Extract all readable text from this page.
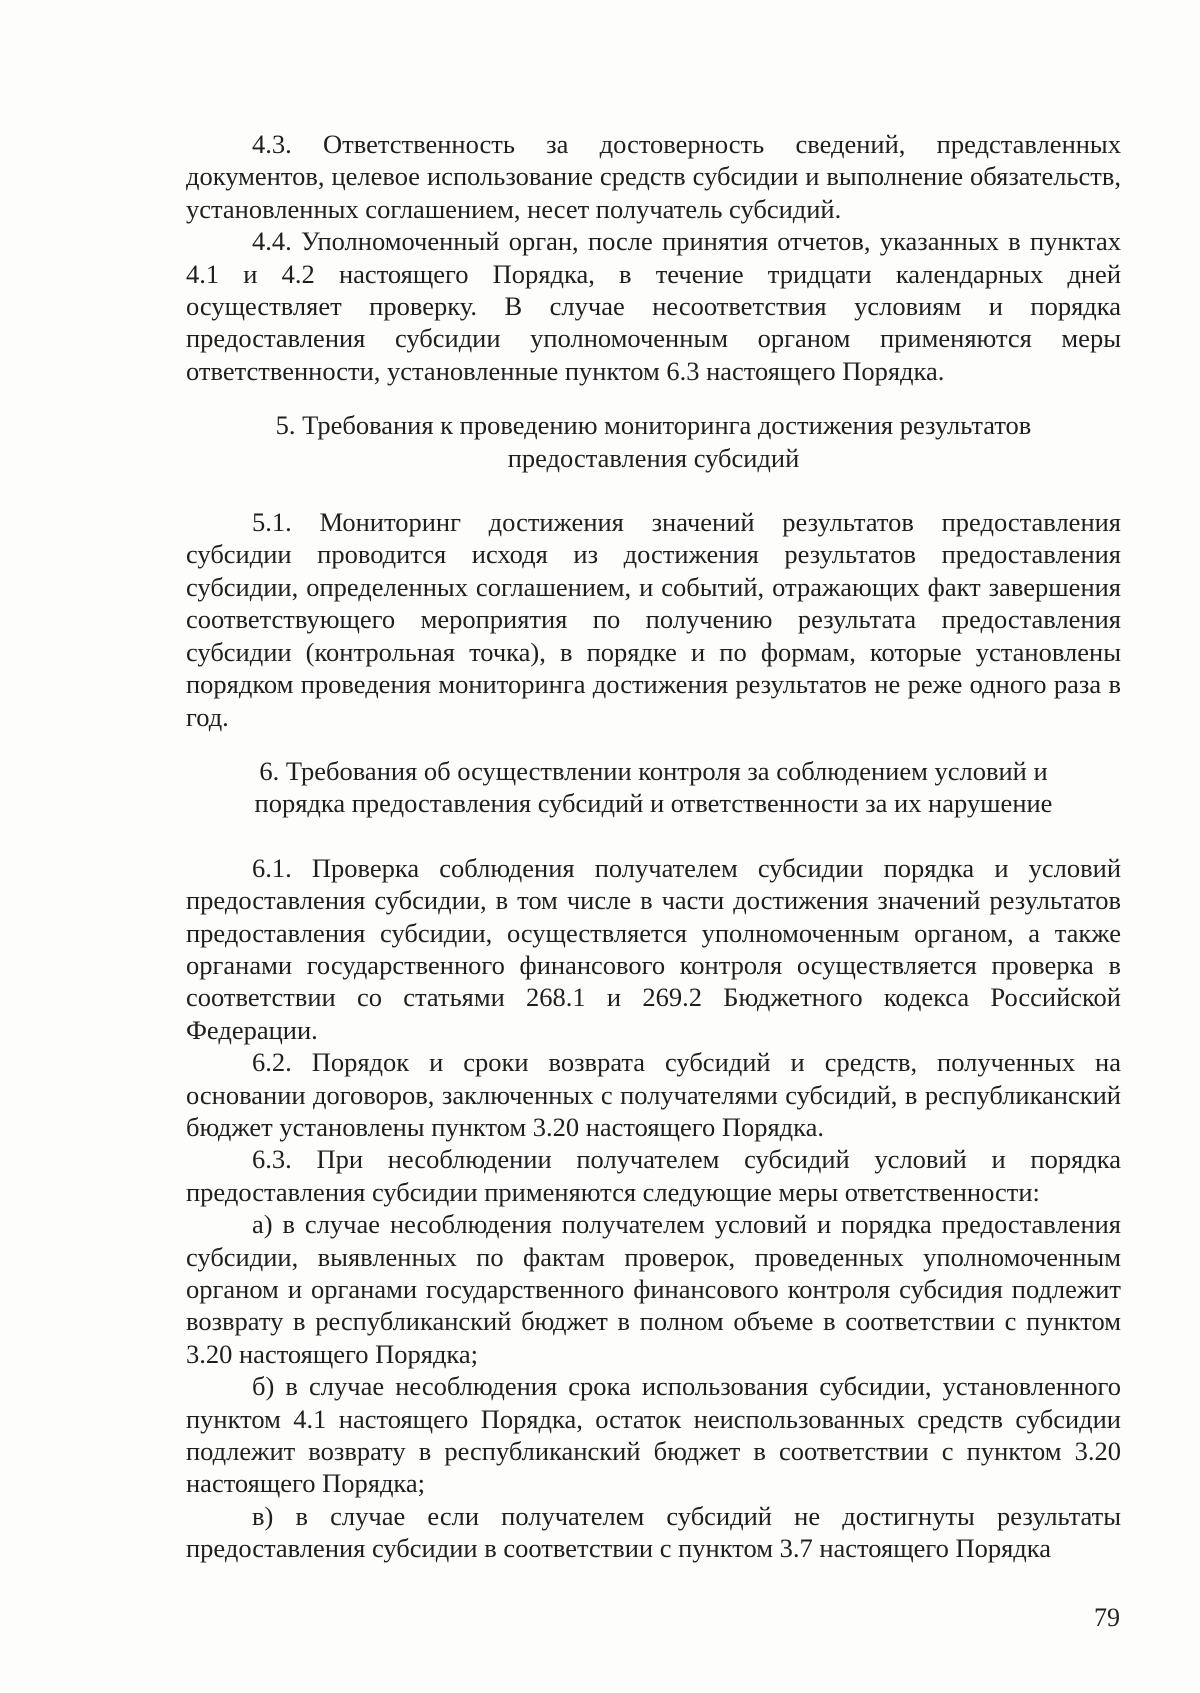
4.3. Ответственность за достоверность сведений, представленных документов, целевое использование средств субсидии и выполнение обязательств, установленных соглашением, несет получатель субсидий.

4.4. Уполномоченный орган, после принятия отчетов, указанных в пунктах 4.1 и 4.2 настоящего Порядка, в течение тридцати календарных дней осуществляет проверку. В случае несоответствия условиям и порядка предоставления субсидии уполномоченным органом применяются меры ответственности, установленные пунктом 6.3 настоящего Порядка.

5. Требования к проведению мониторинга достижения результатов предоставления субсидий

5.1. Мониторинг достижения значений результатов предоставления субсидии проводится исходя из достижения результатов предоставления субсидии, определенных соглашением, и событий, отражающих факт завершения соответствующего мероприятия по получению результата предоставления субсидии (контрольная точка), в порядке и по формам, которые установлены порядком проведения мониторинга достижения результатов не реже одного раза в год.

6. Требования об осуществлении контроля за соблюдением условий и порядка предоставления субсидий и ответственности за их нарушение

6.1. Проверка соблюдения получателем субсидии порядка и условий предоставления субсидии, в том числе в части достижения значений результатов предоставления субсидии, осуществляется уполномоченным органом, а также органами государственного финансового контроля осуществляется проверка в соответствии со статьями 268.1 и 269.2 Бюджетного кодекса Российской Федерации.

6.2. Порядок и сроки возврата субсидий и средств, полученных на основании договоров, заключенных с получателями субсидий, в республиканский бюджет установлены пунктом 3.20 настоящего Порядка.

6.3. При несоблюдении получателем субсидий условий и порядка предоставления субсидии применяются следующие меры ответственности:

а) в случае несоблюдения получателем условий и порядка предоставления субсидии, выявленных по фактам проверок, проведенных уполномоченным органом и органами государственного финансового контроля субсидия подлежит возврату в республиканский бюджет в полном объеме в соответствии с пунктом 3.20 настоящего Порядка;

б) в случае несоблюдения срока использования субсидии, установленного пунктом 4.1 настоящего Порядка, остаток неиспользованных средств субсидии подлежит возврату в республиканский бюджет в соответствии с пунктом 3.20 настоящего Порядка;

в) в случае если получателем субсидий не достигнуты результаты предоставления субсидии в соответствии с пунктом 3.7 настоящего Порядка

79
